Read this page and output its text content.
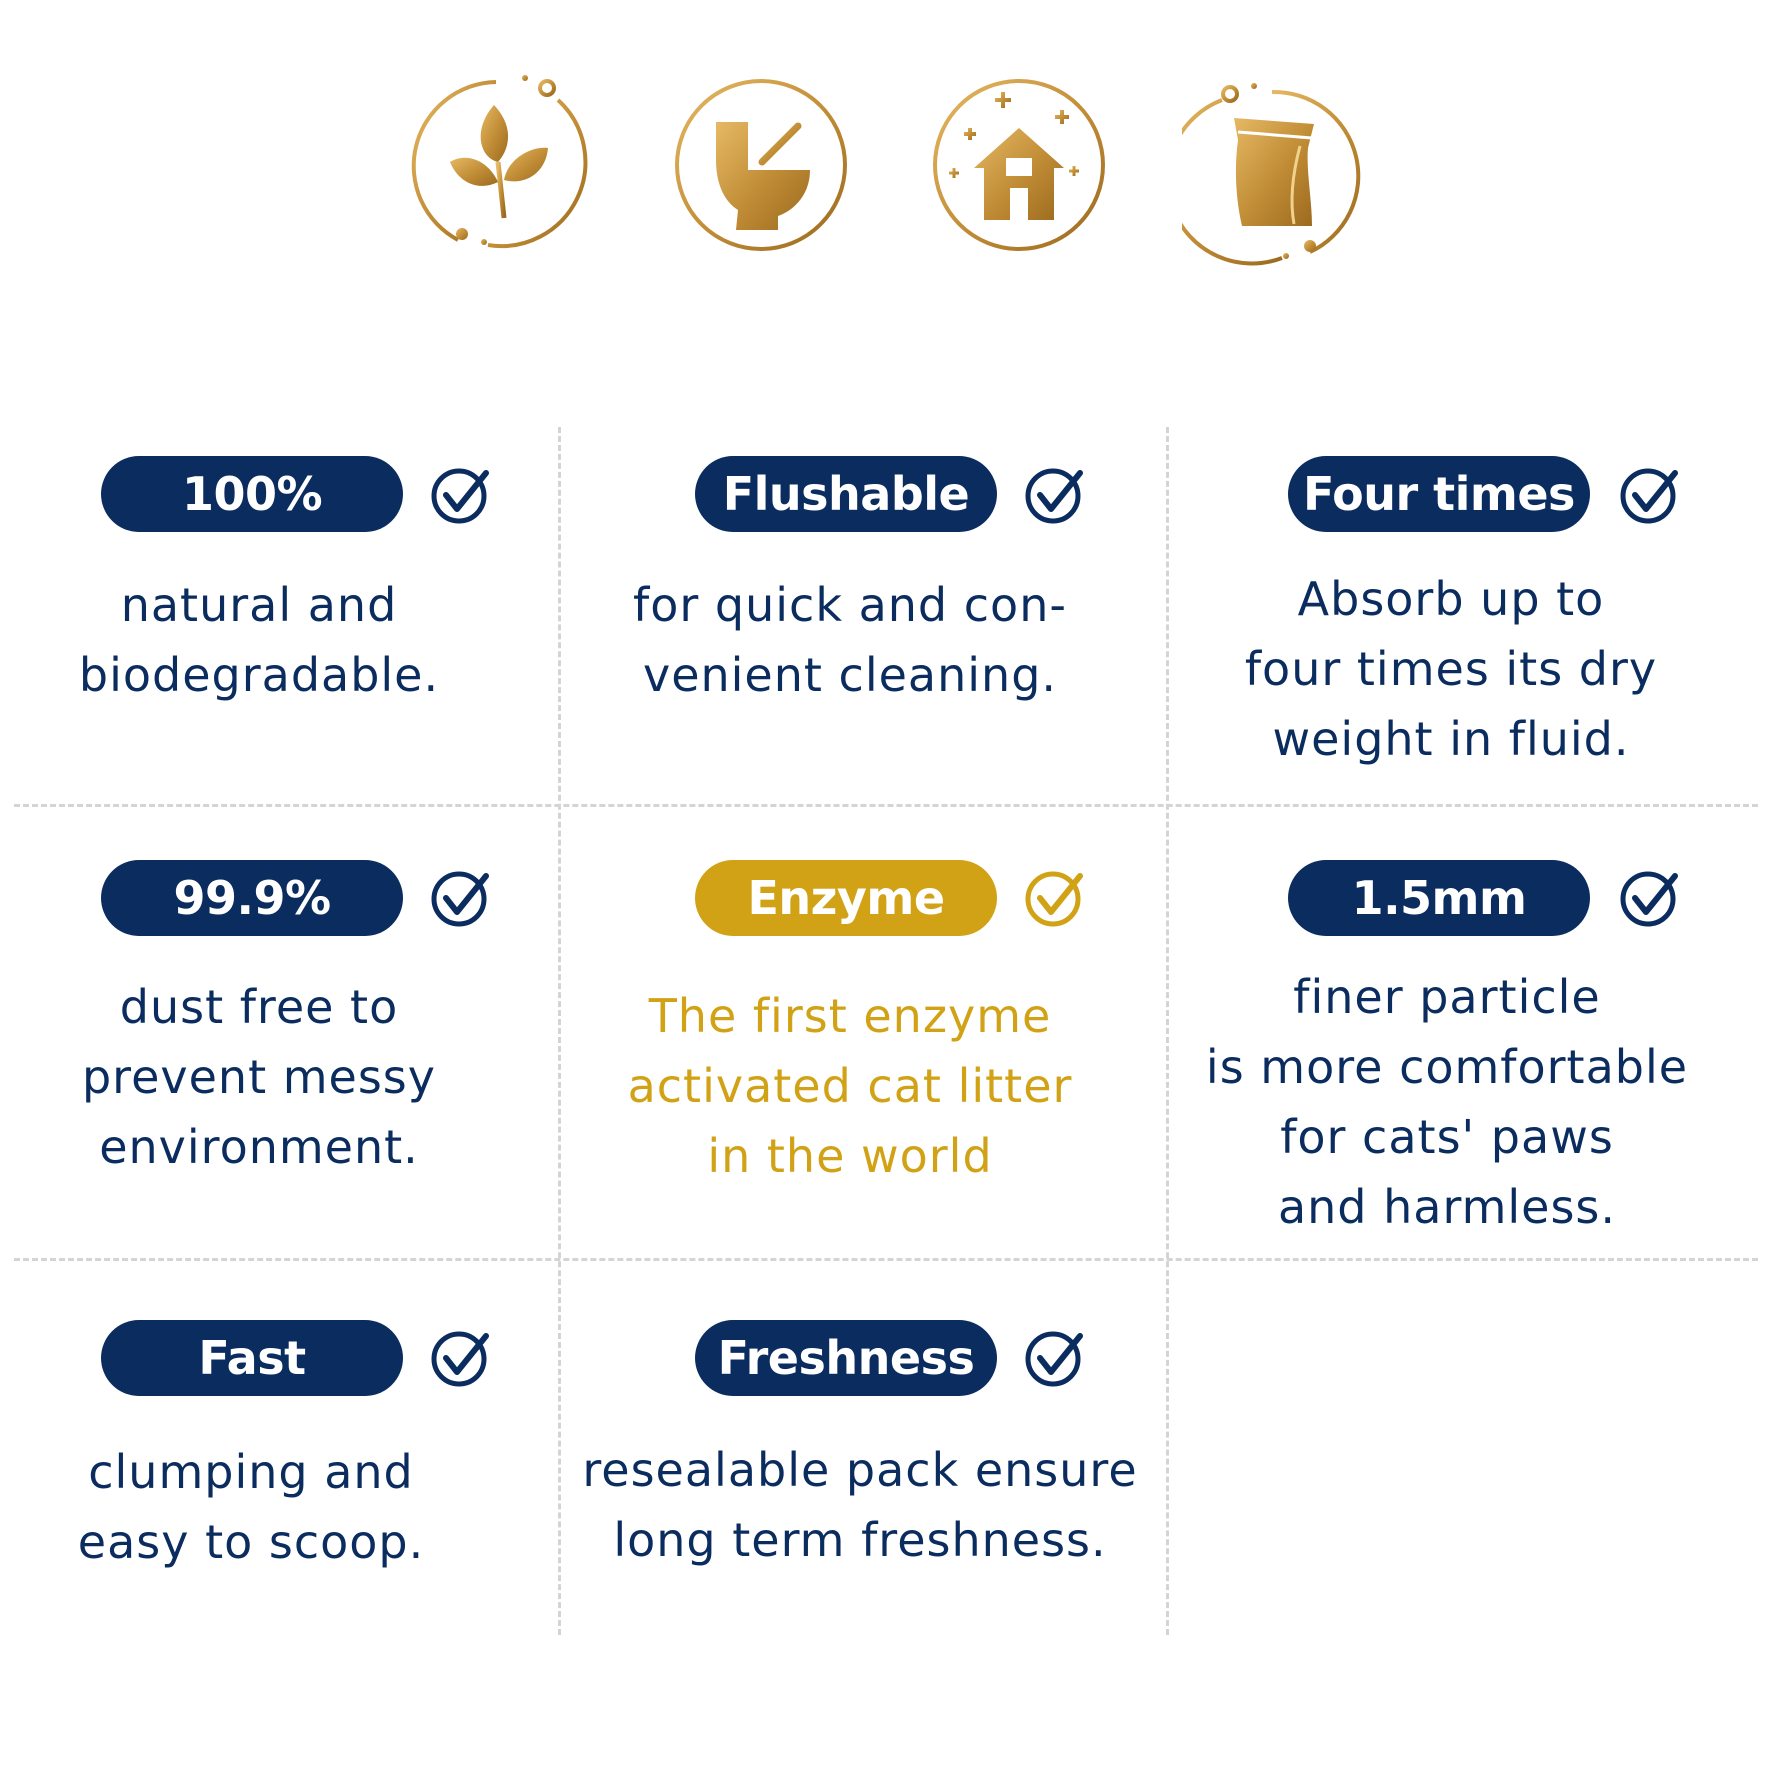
100%
natural and
biodegradable.
Flushable
for quick and con-
venient cleaning.
Four times
Absorb up to
four times its dry
weight in fluid.
99.9%
dust free to
prevent messy
environment.
Enzyme
The first enzyme
activated cat litter
in the world
1.5mm
finer particle
is more comfortable
for cats' paws
and harmless.
Fast
clumping and
easy to scoop.
Freshness
resealable pack ensure
long term freshness.
